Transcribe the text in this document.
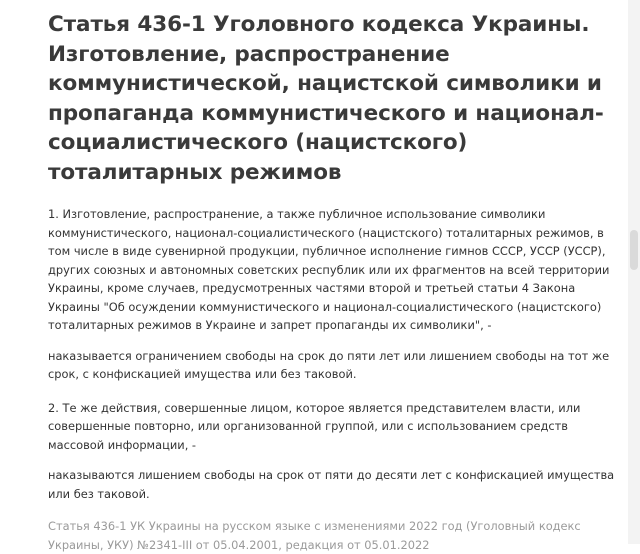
Статья 436-1 Уголовного кодекса Украины. Изготовление, распространение коммунистической, нацистской символики и пропаганда коммунистического и национал-социалистического (нацистского) тоталитарных режимов

1. Изготовление, распространение, а также публичное использование символики коммунистического, национал-социалистического (нацистского) тоталитарных режимов, в том числе в виде сувенирной продукции, публичное исполнение гимнов СССР, УССР (УССР), других союзных и автономных советских республик или их фрагментов на всей территории Украины, кроме случаев, предусмотренных частями второй и третьей статьи 4 Закона Украины "Об осуждении коммунистического и национал-социалистического (нацистского) тоталитарных режимов в Украине и запрет пропаганды их символики", -

наказывается ограничением свободы на срок до пяти лет или лишением свободы на тот же срок, с конфискацией имущества или без таковой.

2. Те же действия, совершенные лицом, которое является представителем власти, или совершенные повторно, или организованной группой, или с использованием средств массовой информации, -

наказываются лишением свободы на срок от пяти до десяти лет с конфискацией имущества или без таковой.

Статья 436-1 УК Украины на русском языке с изменениями 2022 год (Уголовный кодекс Украины, УКУ) №2341-III от 05.04.2001, редакция от 05.01.2022
